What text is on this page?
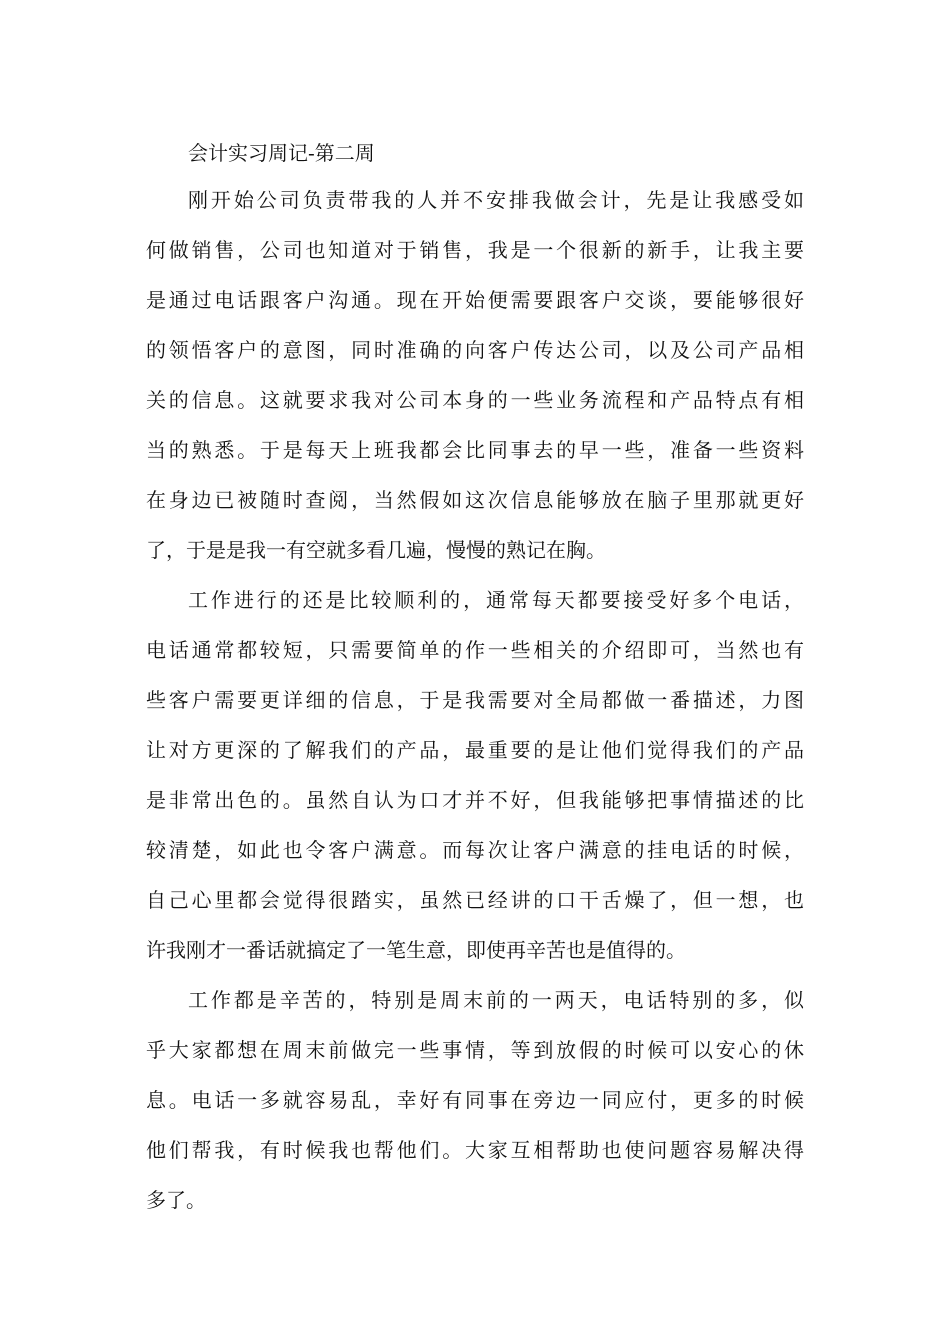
会计实习周记-第二周
刚开始公司负责带我的人并不安排我做会计，先是让我感受如
何做销售，公司也知道对于销售，我是一个很新的新手，让我主要
是通过电话跟客户沟通。现在开始便需要跟客户交谈，要能够很好
的领悟客户的意图，同时准确的向客户传达公司，以及公司产品相
关的信息。这就要求我对公司本身的一些业务流程和产品特点有相
当的熟悉。于是每天上班我都会比同事去的早一些，准备一些资料
在身边已被随时查阅，当然假如这次信息能够放在脑子里那就更好
了，于是是我一有空就多看几遍，慢慢的熟记在胸。
工作进行的还是比较顺利的，通常每天都要接受好多个电话，
电话通常都较短，只需要简单的作一些相关的介绍即可，当然也有
些客户需要更详细的信息，于是我需要对全局都做一番描述，力图
让对方更深的了解我们的产品，最重要的是让他们觉得我们的产品
是非常出色的。虽然自认为口才并不好，但我能够把事情描述的比
较清楚，如此也令客户满意。而每次让客户满意的挂电话的时候，
自己心里都会觉得很踏实，虽然已经讲的口干舌燥了，但一想，也
许我刚才一番话就搞定了一笔生意，即使再辛苦也是值得的。
工作都是辛苦的，特别是周末前的一两天，电话特别的多，似
乎大家都想在周末前做完一些事情，等到放假的时候可以安心的休
息。电话一多就容易乱，幸好有同事在旁边一同应付，更多的时候
他们帮我，有时候我也帮他们。大家互相帮助也使问题容易解决得
多了。
